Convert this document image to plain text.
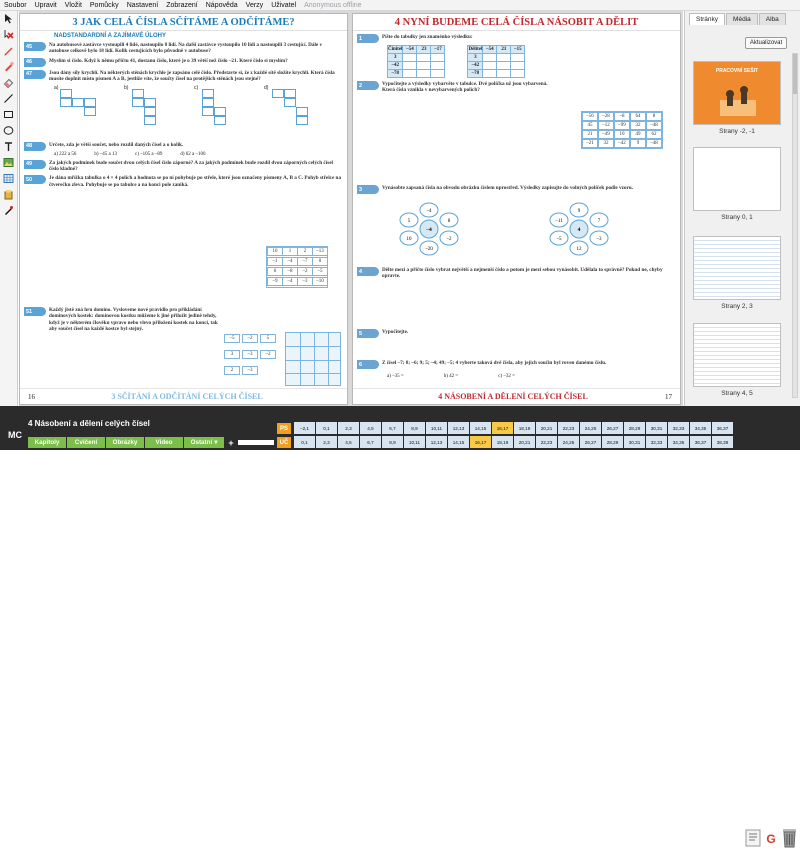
Soubor	Upravit	Vložit	Pomůcky	Nastavení	Zobrazení	Nápověda	Verzy	Uživatel	Anonymous offline
3 JAK CELÁ ČÍSLA SČÍTÁME A ODČÍTÁME?
NADSTANDARDNÍ A ZAJÍMAVÉ ÚLOHY
45	Na autobusové zastávce vystoupili 4 lidé, nastoupilo 8 lidí. Na další zastávce vystoupilo 10 lidí a nastoupili 3 cestující. Dále v autobuse celkově bylo 18 lidí. Kolik cestujících bylo původně v autobuse?
46	Myslím si číslo. Když k němu přičtu 41, dostanu číslo, které je o 39 větší než číslo –21. Které číslo si myslím?
47	Jsou dány síly krychlí. Na některých stěnách krychle je zapsáno celé číslo. Představte si, že z každé sítě složíte krychli. Která čísla musíte doplnit místo písmen A a B, jestliže víte, že součty čísel na protějších stěnách jsou stejné?
a)	b)	c)	d)
48	Určete, zda je větší součet, nebo rozdíl daných čísel a o kolik.
a) 222 a 56	b) –45 a 13	c) –105 a –89	d) 62 a –100
49	Za jakých podmínek bude součet dvou celých čísel číslo záporné? A za jakých podmínek bude rozdíl dvou záporných celých čísel číslo kladné?
50	Je dána mřížka tabulka o 4 × 4 polích a hodnota se po ní pohybuje po střele, které jsou označeny písmeny A, B a C. Pohyb střelce na čtverečku zleva. Pohybuje se po tabulce a na konci pole zaniká.
10	1	2	–13
–1	–4	–7	0
6	–8	–2	–5
–9	–4	–3	–10
51	Každý jistě zná hru domino. Vysloveme nové pravidlo pro přikládání dominových kostek: dominovou kostku můžeme k jiné přiložit jedině tehdy, když je v některém člověku vpravo nebo vlevo přiložení kostek na konci, tak aby součet čísel na každé kostce byl stejný.
–5	–2	5
3	–3	–2
2	–3
16	3 SČÍTÁNÍ A ODČÍTÁNÍ CELÝCH ČÍSEL
4 NYNÍ BUDEME CELÁ ČÍSLA NÁSOBIT A DĚLIT
1	Píšte do tabulky jen znaménko výsledku:
Činitel	–54	23	–17
3			
–42			
–78			
Dělitel	–54	21	–15
3			
–42			
–78			
2	Vypočítejte a výsledky vybarvěte v tabulce. Dvě políčka už jsou vybarvená. Která čísla vznikla v nevybarvených polích?
–56	–28	–8	64	8
45	–12	–99	32	–48
21	–49	10	49	62
–21	32	–42	9	–48
3	Vynásobte zapsaná čísla na obvodu obrázku číslem uprostřed. Výsledky zapisujte do volných políček podle vzoru.
–4
5	8
–20
10	–2
–4
9
–11	7
12
–5	–3
4
4	Dělte mezi a přičte číslo vybrat největší a nejmenší číslo a potom je mezi sebou vynásobit. Udělala to správně? Pokud ne, chyby opravte.
5	Vypočítejte.
6	Z čísel –7; 8; –6; 9; 5; –4; 49; –5; 4 vyberte taková dvě čísla, aby jejich součin byl roven danému číslu.
a) –35 =	b) 42 =	c) –32 =
4 NÁSOBENÍ A DĚLENÍ CELÝCH ČÍSEL	17
Stránky	Média	Alba
Aktualizovat
PRACOVNÍ SEŠIT
Strany -2, -1
Strany 0, 1
Strany 2, 3
Strany 4, 5
MC
4 Násobení a dělení celých čísel
Kapitoly	Cvičení	Obrázky	Video	Ostatní ▾ +
PS
UČ
–2,1	0,1	2,3	4,5	6,7	8,9	10,11	12,13	14,15	16,17	18,19	20,21	22,23	24,25	26,27	28,29	30,31	32,33	34,35	36,37
0,1	2,3	4,5	6,7	8,9	10,11	12,13	14,15	16,17	18,19	20,21	22,23	24,25	26,27	28,29	30,31	32,33	34,35	36,37	38,39
G
